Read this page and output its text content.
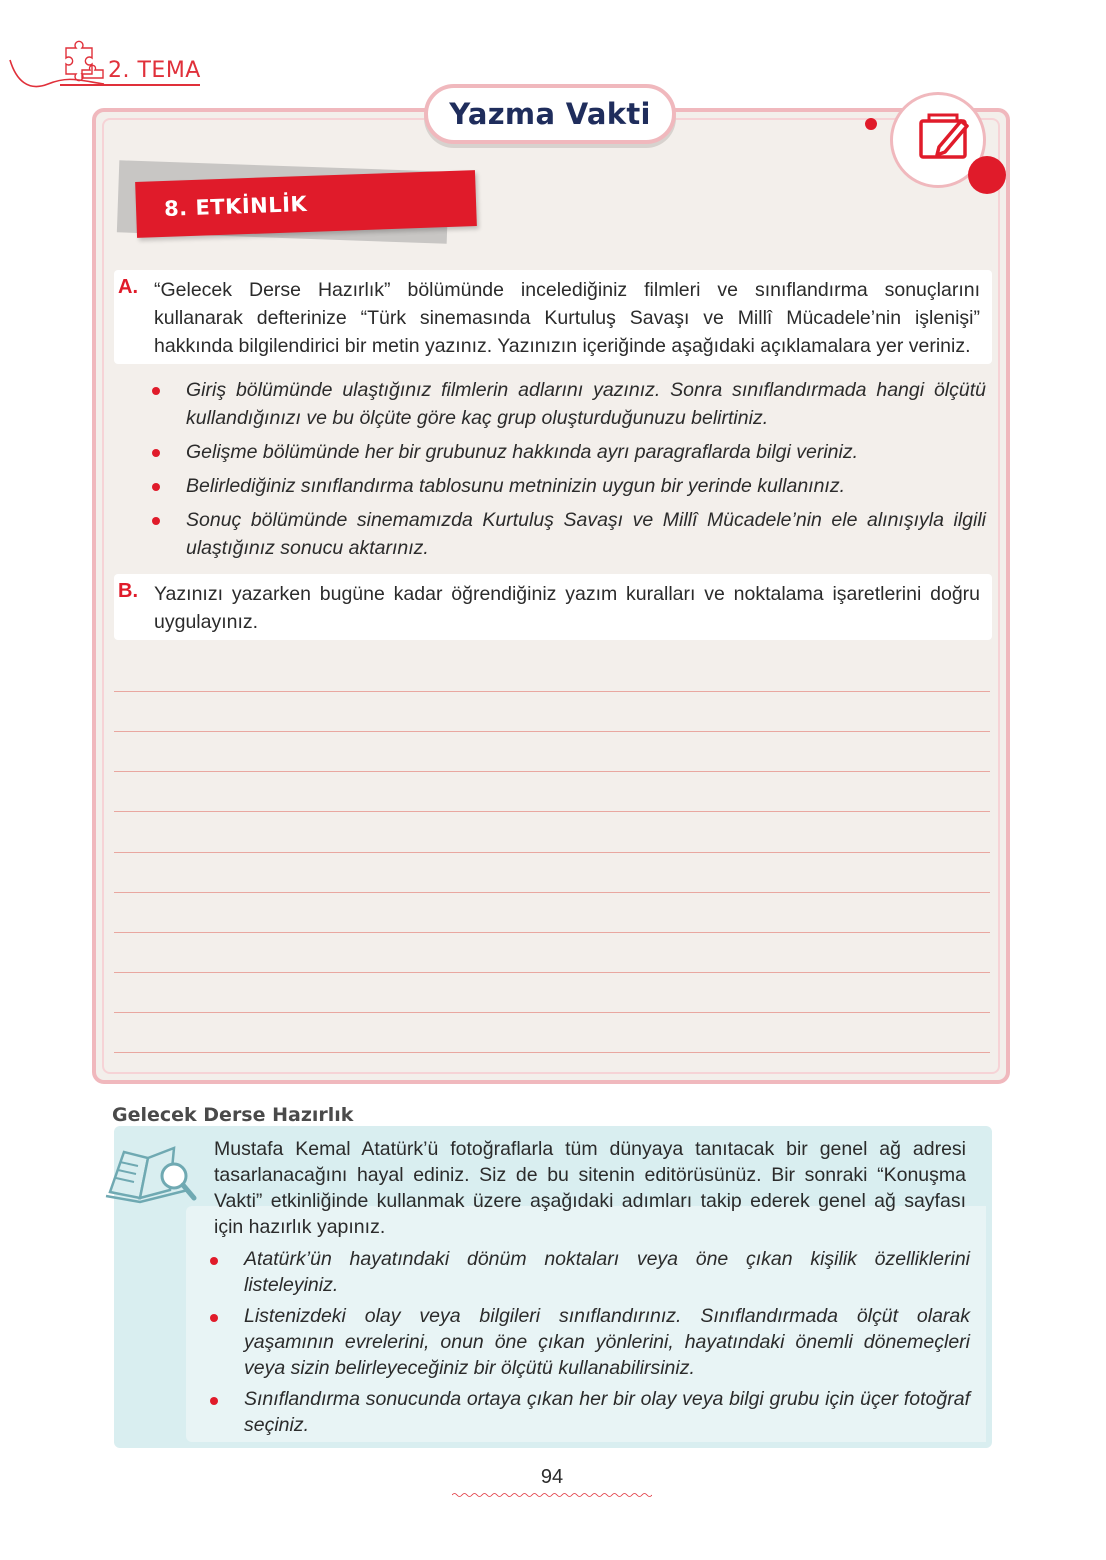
2. TEMA
Yazma Vakti
8. ETKİNLİK
A. “Gelecek Derse Hazırlık” bölümünde incelediğiniz filmleri ve sınıflandırma sonuçlarını kullanarak defterinize “Türk sinemasında Kurtuluş Savaşı ve Millî Mücadele’nin işlenişi” hakkında bilgilendirici bir metin yazınız. Yazınızın içeriğinde aşağıdaki açıklamalara yer veriniz.
Giriş bölümünde ulaştığınız filmlerin adlarını yazınız. Sonra sınıflandırmada hangi ölçütü kullandığınızı ve bu ölçüte göre kaç grup oluşturduğunuzu belirtiniz.
Gelişme bölümünde her bir grubunuz hakkında ayrı paragraflarda bilgi veriniz.
Belirlediğiniz sınıflandırma tablosunu metninizin uygun bir yerinde kullanınız.
Sonuç bölümünde sinemamızda Kurtuluş Savaşı ve Millî Mücadele’nin ele alınışıyla ilgili ulaştığınız sonucu aktarınız.
B. Yazınızı yazarken bugüne kadar öğrendiğiniz yazım kuralları ve noktalama işaretlerini doğru uygulayınız.
Gelecek Derse Hazırlık
Mustafa Kemal Atatürk’ü fotoğraflarla tüm dünyaya tanıtacak bir genel ağ adresi tasarlanacağını hayal ediniz. Siz de bu sitenin editörüsünüz. Bir sonraki “Konuşma Vakti” etkinliğinde kullanmak üzere aşağıdaki adımları takip ederek genel ağ sayfası için hazırlık yapınız.
Atatürk’ün hayatındaki dönüm noktaları veya öne çıkan kişilik özelliklerini listeleyiniz.
Listenizdeki olay veya bilgileri sınıflandırınız. Sınıflandırmada ölçüt olarak yaşamının evrelerini, onun öne çıkan yönlerini, hayatındaki önemli dönemeçleri veya sizin belirleyeceğiniz bir ölçütü kullanabilirsiniz.
Sınıflandırma sonucunda ortaya çıkan her bir olay veya bilgi grubu için üçer fotoğraf seçiniz.
94
